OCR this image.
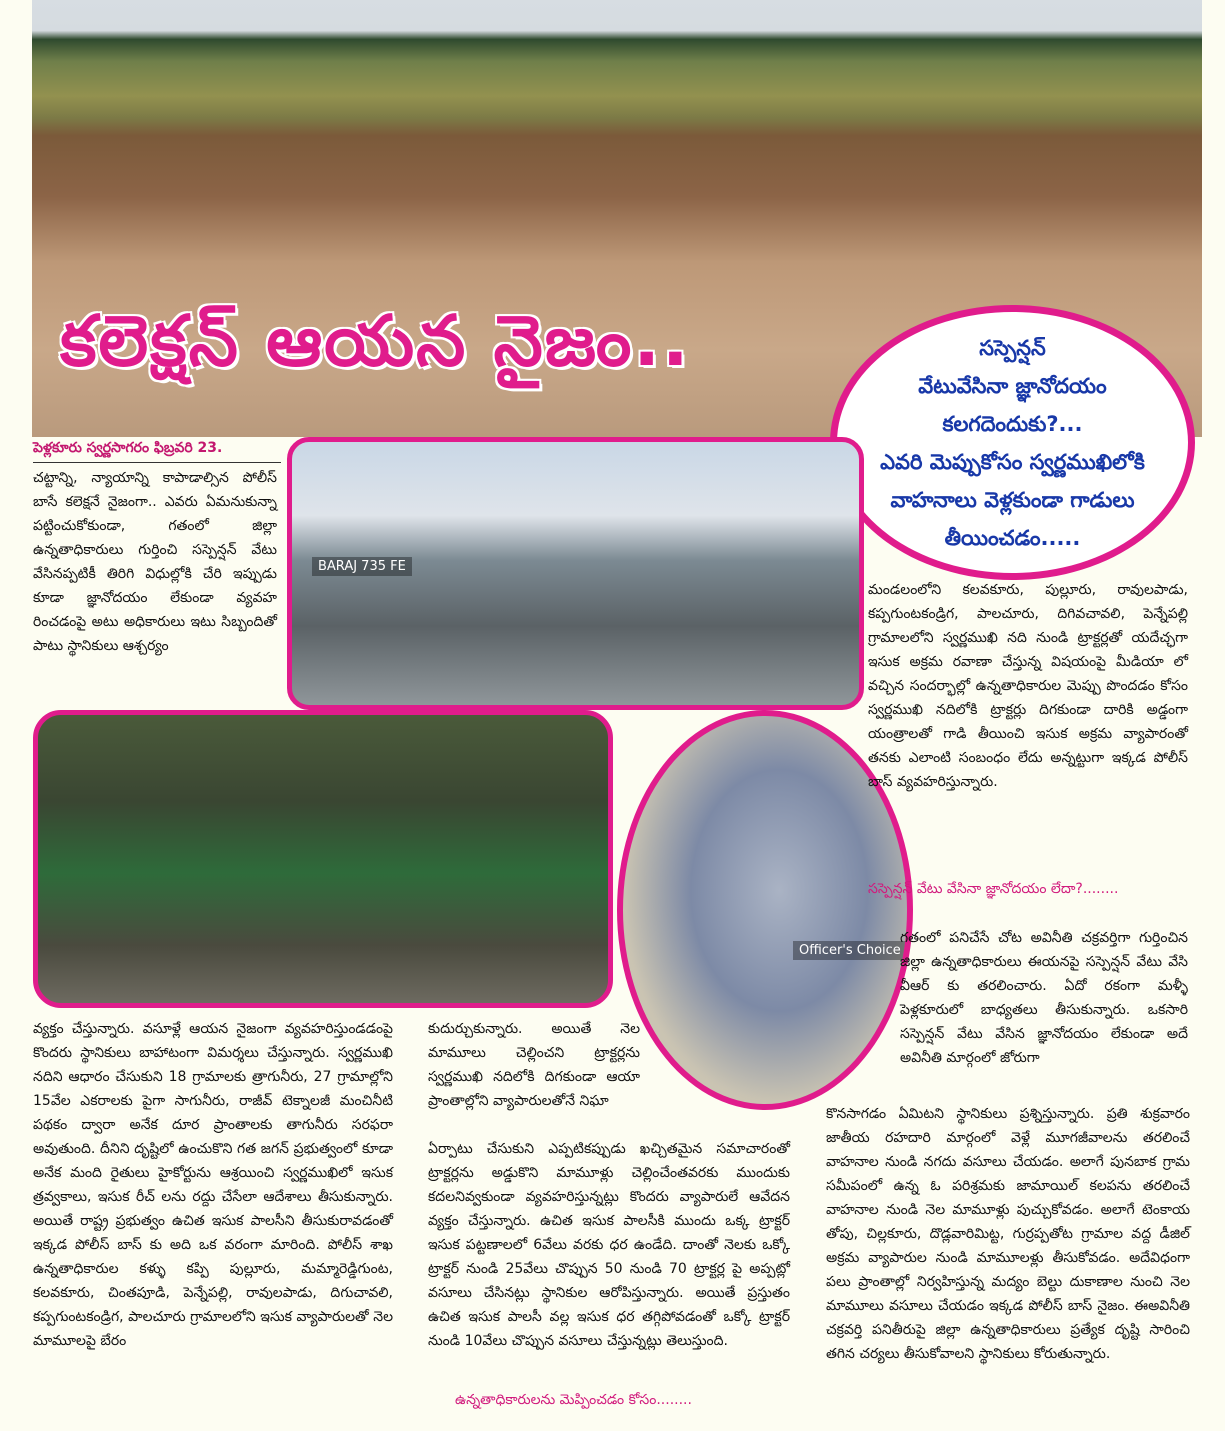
కలెక్షన్ ఆయన నైజం..	సస్పెన్షన్

వేటువేసినా జ్ఞానోదయం

కలగదెందుకు?...

ఎవరి మెప్పుకోసం స్వర్ణముఖిలోకి

వాహనాలు వెళ్లకుండా గాడులు

తీయించడం.....

పెళ్లకూరు స్వర్ణసాగరం ఫిబ్రవరి 23.

చట్టాన్ని, న్యాయాన్ని కాపాడాల్సిన పోలీస్ బాసే కలెక్షనే నైజంగా.. ఎవరు ఏమనుకున్నా పట్టించుకోకుండా, గతంలో జిల్లా ఉన్నతాధికారులు గుర్తించి సస్పెన్షన్ వేటు వేసినప్పటికీ తిరిగి విధుల్లోకి చేరి ఇప్పుడు కూడా జ్ఞానోదయం లేకుండా వ్యవహ రించడంపై అటు అధికారులు ఇటు సిబ్బందితో పాటు స్థానికులు ఆశ్చర్యం

BARAJ 735 FE
Officer's Choice

మండలంలోని కలవకూరు, పుల్లూరు, రావులపాడు, కప్పగుంటకండ్రిగ, పాలచూరు, దిగివచావలి, పెన్నేపల్లి గ్రామాలలోని స్వర్ణముఖి నది నుండి ట్రాక్టర్లతో యదేచ్ఛగా ఇసుక అక్రమ రవాణా చేస్తున్న విషయంపై మీడియా లో వచ్చిన సందర్భాల్లో ఉన్నతాధికారుల మెప్పు పొందడం కోసం స్వర్ణముఖి నదిలోకి ట్రాక్టర్లు దిగకుండా దారికి అడ్డంగా యంత్రాలతో గాడి తీయించి ఇసుక అక్రమ వ్యాపారంతో తనకు ఎలాంటి సంబంధం లేదు అన్నట్టుగా ఇక్కడ పోలీస్ బాస్ వ్యవహరిస్తున్నారు.

సస్పెన్షన్ వేటు వేసినా జ్ఞానోదయం లేదా?........

గతంలో పనిచేసే చోట అవినీతి చక్రవర్తిగా గుర్తించిన జిల్లా ఉన్నతాధికారులు ఈయనపై సస్పెన్షన్ వేటు వేసి వీఆర్ కు తరలించారు. ఏదో రకంగా మళ్ళీ పెళ్లకూరులో బాధ్యతలు తీసుకున్నారు. ఒకసారి సస్పెన్షన్ వేటు వేసిన జ్ఞానోదయం లేకుండా అదే అవినీతి మార్గంలో జోరుగా

వ్యక్తం చేస్తున్నారు. వసూళ్లే ఆయన నైజంగా వ్యవహరిస్తుండడంపై కొందరు స్థానికులు బాహాటంగా విమర్శలు చేస్తున్నారు. స్వర్ణముఖి నదిని ఆధారం చేసుకుని 18 గ్రామాలకు త్రాగునీరు, 27 గ్రామాల్లోని 15వేల ఎకరాలకు పైగా సాగునీరు, రాజీవ్ టెక్నాలజీ మంచినీటి పథకం ద్వారా అనేక దూర ప్రాంతాలకు తాగునీరు సరఫరా అవుతుంది. దీనిని దృష్టిలో ఉంచుకొని గత జగన్ ప్రభుత్వంలో కూడా అనేక మంది రైతులు హైకోర్టును ఆశ్రయించి స్వర్ణముఖిలో ఇసుక త్రవ్వకాలు, ఇసుక రీచ్ లను రద్దు చేసేలా ఆదేశాలు తీసుకున్నారు. అయితే రాష్ట్ర ప్రభుత్వం ఉచిత ఇసుక పాలసీని తీసుకురావడంతో ఇక్కడ పోలీస్ బాస్ కు అది ఒక వరంగా మారింది. పోలీస్ శాఖ ఉన్నతాధికారుల కళ్ళు కప్పి పుల్లూరు, మమ్మారెడ్డిగుంట, కలవకూరు, చింతపూడి, పెన్నేపల్లి, రావులపాడు, దిగుచావలి, కప్పగుంటకండ్రిగ, పాలచూరు గ్రామాలలోని ఇసుక వ్యాపారులతో నెల మామూలపై బేరం

కుదుర్చుకున్నారు. అయితే నెల మామూలు చెల్లించని ట్రాక్టర్లను స్వర్ణముఖి నదిలోకి దిగకుండా ఆయా ప్రాంతాల్లోని వ్యాపారులతోనే నిఘా

ఏర్పాటు చేసుకుని ఎప్పటికప్పుడు ఖచ్చితమైన సమాచారంతో ట్రాక్టర్లను అడ్డుకొని మామూళ్లు చెల్లించేంతవరకు ముందుకు కదలనివ్వకుండా వ్యవహరిస్తున్నట్లు కొందరు వ్యాపారులే ఆవేదన వ్యక్తం చేస్తున్నారు. ఉచిత ఇసుక పాలసీకి ముందు ఒక్క ట్రాక్టర్ ఇసుక పట్టణాలలో 6వేలు వరకు ధర ఉండేది. దాంతో నెలకు ఒక్కో ట్రాక్టర్ నుండి 25వేలు చొప్పున 50 నుండి 70 ట్రాక్టర్ల పై అప్పట్లో వసూలు చేసినట్లు స్థానికుల ఆరోపిస్తున్నారు. అయితే ప్రస్తుతం ఉచిత ఇసుక పాలసీ వల్ల ఇసుక ధర తగ్గిపోవడంతో ఒక్కో ట్రాక్టర్ నుండి 10వేలు చొప్పున వసూలు చేస్తున్నట్లు తెలుస్తుంది.

ఉన్నతాధికారులను మెప్పించడం కోసం........

కొనసాగడం ఏమిటని స్థానికులు ప్రశ్నిస్తున్నారు. ప్రతి శుక్రవారం జాతీయ రహదారి మార్గంలో వెళ్లే మూగజీవాలను తరలించే వాహనాల నుండి నగదు వసూలు చేయడం. అలాగే పునబాక గ్రామ సమీపంలో ఉన్న ఓ పరిశ్రమకు జామాయిల్ కలపను తరలించే వాహనాల నుండి నెల మామూళ్లు పుచ్చుకోవడం. అలాగే టెంకాయ తోపు, చిల్లకూరు, దొడ్లవారిమిట్ట, గుర్రప్పతోట గ్రామాల వద్ద డీజిల్ అక్రమ వ్యాపారుల నుండి మామూలళ్లు తీసుకోవడం. అదేవిధంగా పలు ప్రాంతాల్లో నిర్వహిస్తున్న మద్యం బెల్టు దుకాణాల నుంచి నెల మామూలు వసూలు చేయడం ఇక్కడ పోలీస్ బాస్ నైజం. ఈఅవినీతి చక్రవర్తి పనితీరుపై జిల్లా ఉన్నతాధికారులు ప్రత్యేక దృష్టి సారించి తగిన చర్యలు తీసుకోవాలని స్థానికులు కోరుతున్నారు.
